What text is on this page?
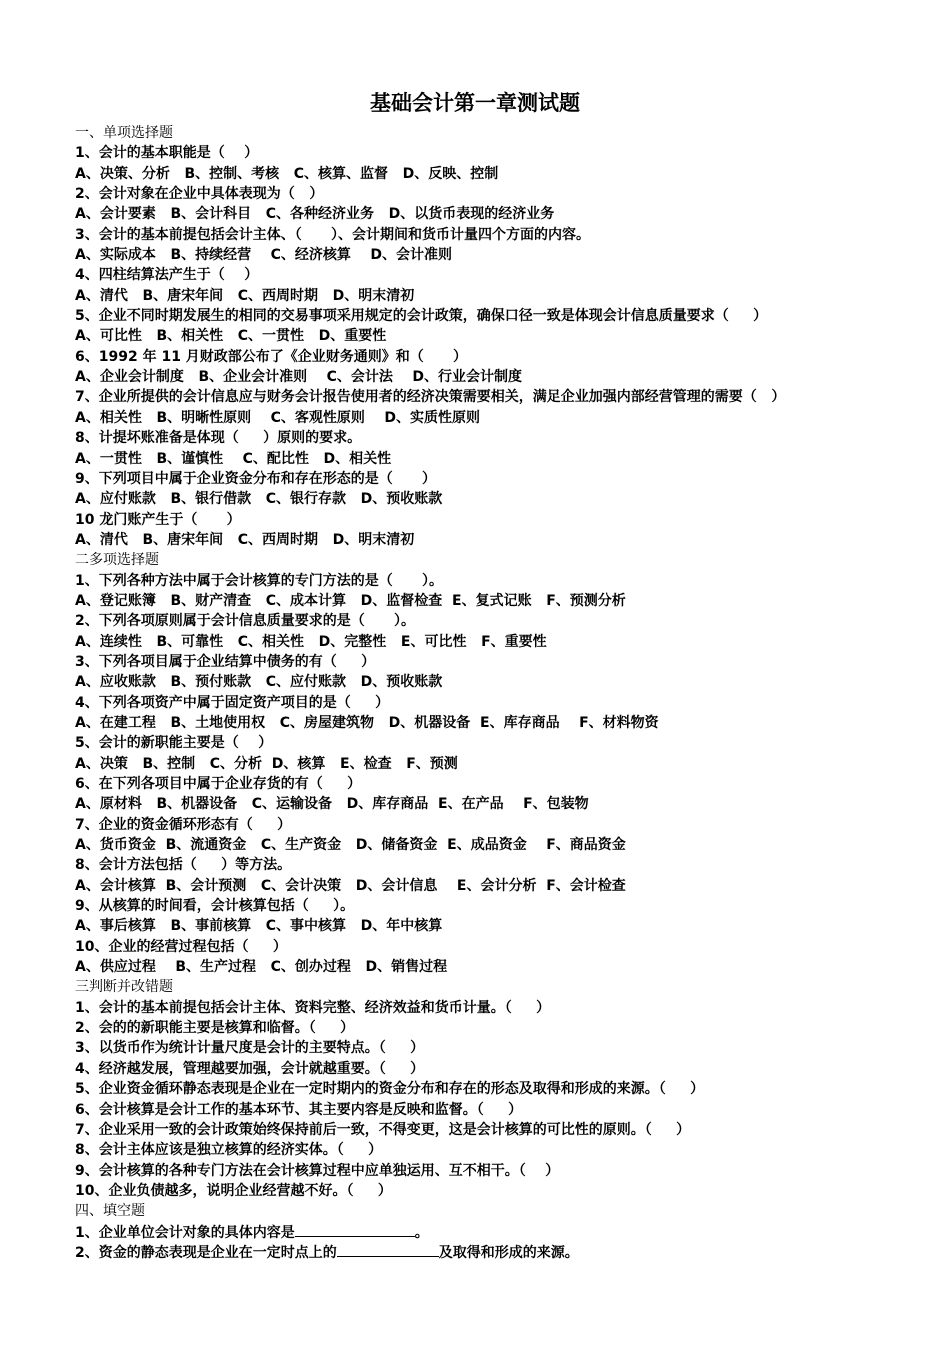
基础会计第一章测试题
一、单项选择题
1、会计的基本职能是（    ）
A、决策、分析   B、控制、考核   C、核算、监督   D、反映、控制
2、会计对象在企业中具体表现为（   ）
A、会计要素   B、会计科目   C、各种经济业务   D、以货币表现的经济业务
3、会计的基本前提包括会计主体、（      ）、会计期间和货币计量四个方面的内容。
A、实际成本   B、持续经营    C、经济核算    D、会计准则
4、四柱结算法产生于（    ）
A、清代   B、唐宋年间   C、西周时期   D、明末清初
5、企业不同时期发展生的相同的交易事项采用规定的会计政策，确保口径一致是体现会计信息质量要求（     ）
A、可比性   B、相关性   C、一贯性   D、重要性
6、1992 年 11 月财政部公布了《企业财务通则》和（      ）
A、企业会计制度   B、企业会计准则    C、会计法    D、行业会计制度
7、企业所提供的会计信息应与财务会计报告使用者的经济决策需要相关，满足企业加强内部经营管理的需要（   ）
A、相关性   B、明晰性原则    C、客观性原则    D、实质性原则
8、计提坏账准备是体现（     ）原则的要求。
A、一贯性   B、谨慎性    C、配比性   D、相关性
9、下列项目中属于企业资金分布和存在形态的是（      ）
A、应付账款   B、银行借款   C、银行存款   D、预收账款
10 龙门账产生于（      ）
A、清代   B、唐宋年间   C、西周时期   D、明末清初
二多项选择题
1、下列各种方法中属于会计核算的专门方法的是（      ）。
A、登记账簿   B、财产清查   C、成本计算   D、监督检查  E、复式记账   F、预测分析
2、下列各项原则属于会计信息质量要求的是（      ）。
A、连续性   B、可靠性   C、相关性   D、完整性   E、可比性   F、重要性
3、下列各项目属于企业结算中债务的有（     ）
A、应收账款   B、预付账款   C、应付账款   D、预收账款
4、下列各项资产中属于固定资产项目的是（     ）
A、在建工程   B、土地使用权   C、房屋建筑物   D、机器设备  E、库存商品    F、材料物资
5、会计的新职能主要是（    ）
A、决策   B、控制   C、分析  D、核算   E、检查   F、预测
6、在下列各项目中属于企业存货的有（     ）
A、原材料   B、机器设备   C、运输设备   D、库存商品  E、在产品    F、包装物
7、企业的资金循环形态有（     ）
A、货币资金  B、流通资金   C、生产资金   D、储备资金  E、成品资金    F、商品资金
8、会计方法包括（     ）等方法。
A、会计核算  B、会计预测   C、会计决策   D、会计信息    E、会计分析  F、会计检查
9、从核算的时间看，会计核算包括（     ）。
A、事后核算   B、事前核算   C、事中核算   D、年中核算
10、企业的经营过程包括（     ）
A、供应过程    B、生产过程   C、创办过程   D、销售过程
三判断并改错题
1、会计的基本前提包括会计主体、资料完整、经济效益和货币计量。（     ）
2、会的的新职能主要是核算和临督。（     ）
3、以货币作为统计计量尺度是会计的主要特点。（     ）
4、经济越发展，管理越要加强，会计就越重要。（     ）
5、企业资金循环静态表现是企业在一定时期内的资金分布和存在的形态及取得和形成的来源。（     ）
6、会计核算是会计工作的基本环节、其主要内容是反映和监督。（     ）
7、企业采用一致的会计政策始终保持前后一致，不得变更，这是会计核算的可比性的原则。（     ）
8、会计主体应该是独立核算的经济实体。（     ）
9、会计核算的各种专门方法在会计核算过程中应单独运用、互不相干。（    ）
10、企业负债越多，说明企业经营越不好。（     ）
四、填空题
1、企业单位会计对象的具体内容是	。
2、资金的静态表现是企业在一定时点上的	及取得和形成的来源。
